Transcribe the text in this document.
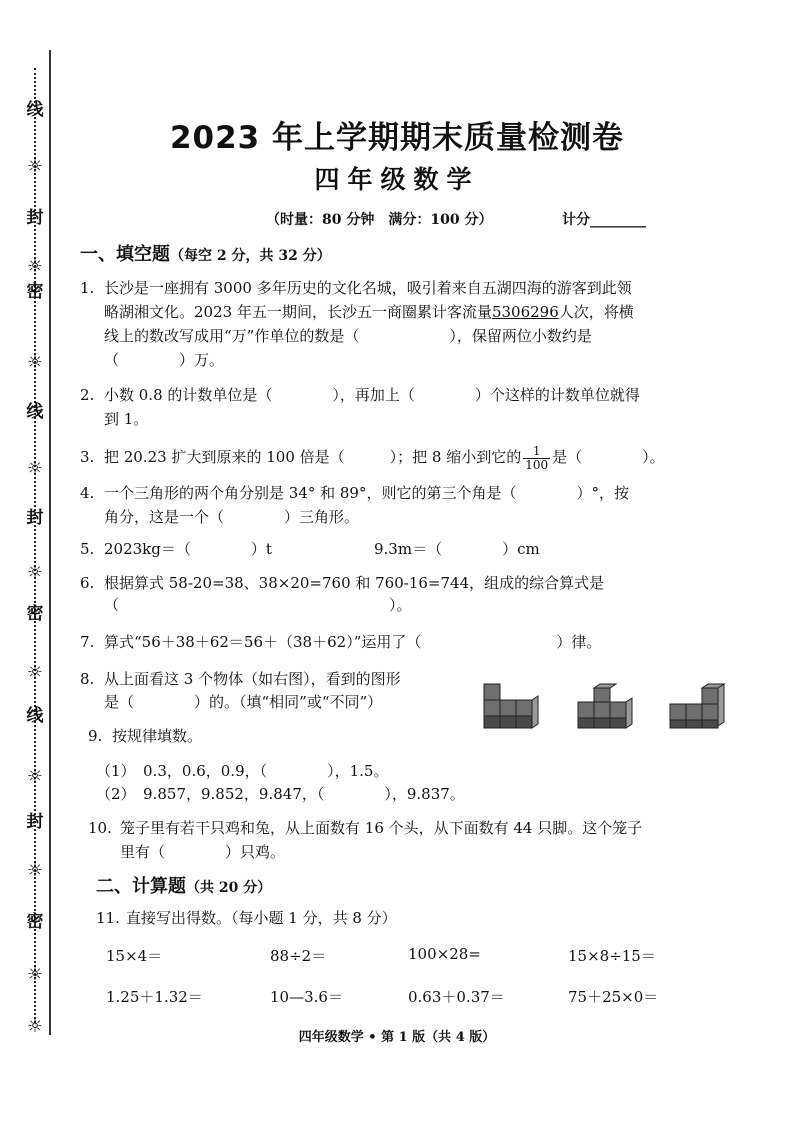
线
☼
封
☼
密
☼
线
☼
封
☼
密
☼
线
☼
封
☼
密
☼
☼
2023 年上学期期末质量检测卷
四年级数学
（时量：80 分钟　满分：100 分）	计分________
一、填空题（每空 2 分，共 32 分）
1. 长沙是一座拥有 3000 多年历史的文化名城，吸引着来自五湖四海的游客到此领
略湖湘文化。2023 年五一期间，长沙五一商圈累计客流量5306296人次，将横
线上的数改写成用“万”作单位的数是（　　　　　　），保留两位小数约是
（　　　　）万。
2. 小数 0.8 的计数单位是（　　　　），再加上（　　　　）个这样的计数单位就得
到 1。
3. 把 20.23 扩大到原来的 100 倍是（　　　）；把 8 缩小到它的 $\frac{1}{100}$ 是（　　　　）。
4. 一个三角形的两个角分别是 34° 和 89°，则它的第三个角是（　　　　）°，按
角分，这是一个（　　　　）三角形。
5. 2023kg＝（　　　　）t	9.3m＝（　　　　）cm
6. 根据算式 58-20=38、38×20=760 和 760-16=744，组成的综合算式是
（　　　　　　　　　　　　　　　　　　）。
7. 算式“56＋38＋62＝56＋（38＋62）”运用了（　　　　　　　　　）律。
8. 从上面看这 3 个物体（如右图），看到的图形
是（　　　　）的。（填“相同”或“不同”）
9. 按规律填数。
（1）　0.3，0.6，0.9，（　　　　），1.5。
（2）　9.857，9.852，9.847，（　　　　），9.837。
10. 笼子里有若干只鸡和兔，从上面数有 16 个头，从下面数有 44 只脚。这个笼子
里有（　　　　）只鸡。
二、计算题（共 20 分）
11. 直接写出得数。（每小题 1 分，共 8 分）
15×4＝	88÷2＝	100×28=	15×8÷15＝
1.25＋1.32＝	10—3.6＝	0.63＋0.37＝	75＋25×0＝
四年级数学 • 第 1 版（共 4 版）
